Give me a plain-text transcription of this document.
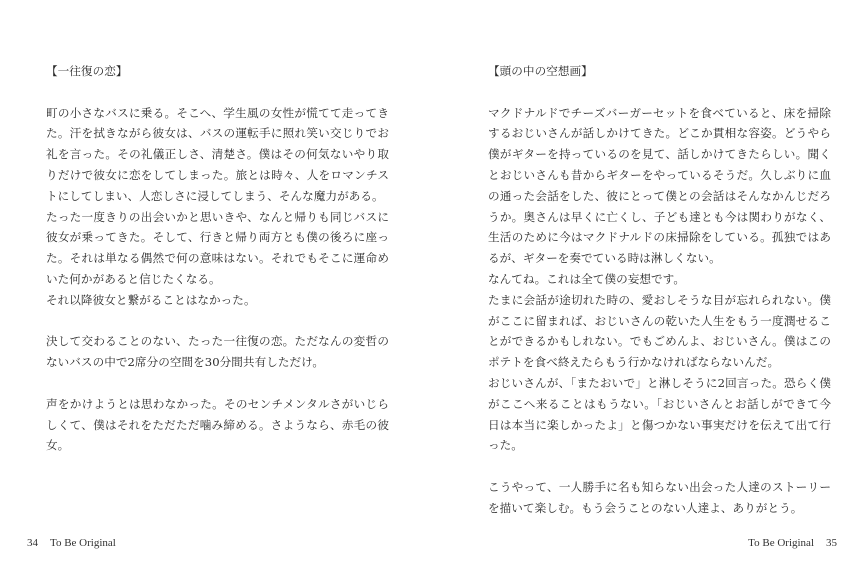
【一往復の恋】

町の小さなバスに乗る。そこへ、学生風の女性が慌てて走ってきた。汗を拭きながら彼女は、バスの運転手に照れ笑い交じりでお礼を言った。その礼儀正しさ、清楚さ。僕はその何気ないやり取りだけで彼女に恋をしてしまった。旅とは時々、人をロマンチストにしてしまい、人恋しさに浸してしまう、そんな魔力がある。

たった一度きりの出会いかと思いきや、なんと帰りも同じバスに彼女が乗ってきた。そして、行きと帰り両方とも僕の後ろに座った。それは単なる偶然で何の意味はない。それでもそこに運命めいた何かがあると信じたくなる。

それ以降彼女と繋がることはなかった。

決して交わることのない、たった一往復の恋。ただなんの変哲のないバスの中で2席分の空間を30分間共有しただけ。

声をかけようとは思わなかった。そのセンチメンタルさがいじらしくて、僕はそれをただただ噛み締める。さようなら、赤毛の彼女。

34 To Be Original

【頭の中の空想画】

マクドナルドでチーズバーガーセットを食べていると、床を掃除するおじいさんが話しかけてきた。どこか貫相な容姿。どうやら僕がギターを持っているのを見て、話しかけてきたらしい。聞くとおじいさんも昔からギターをやっているそうだ。久しぶりに血の通った会話をした、彼にとって僕との会話はそんなかんじだろうか。奥さんは早くに亡くし、子ども達とも今は関わりがなく、生活のために今はマクドナルドの床掃除をしている。孤独ではあるが、ギターを奏でている時は淋しくない。

なんてね。これは全て僕の妄想です。

たまに会話が途切れた時の、愛おしそうな目が忘れられない。僕がここに留まれば、おじいさんの乾いた人生をもう一度潤せることができるかもしれない。でもごめんよ、おじいさん。僕はこのポテトを食べ終えたらもう行かなければならないんだ。

おじいさんが、「またおいで」と淋しそうに2回言った。恐らく僕がここへ来ることはもうない。「おじいさんとお話しができて今日は本当に楽しかったよ」と傷つかない事実だけを伝えて出て行った。

こうやって、一人勝手に名も知らない出会った人達のストーリーを描いて楽しむ。もう会うことのない人達よ、ありがとう。

To Be Original 35
